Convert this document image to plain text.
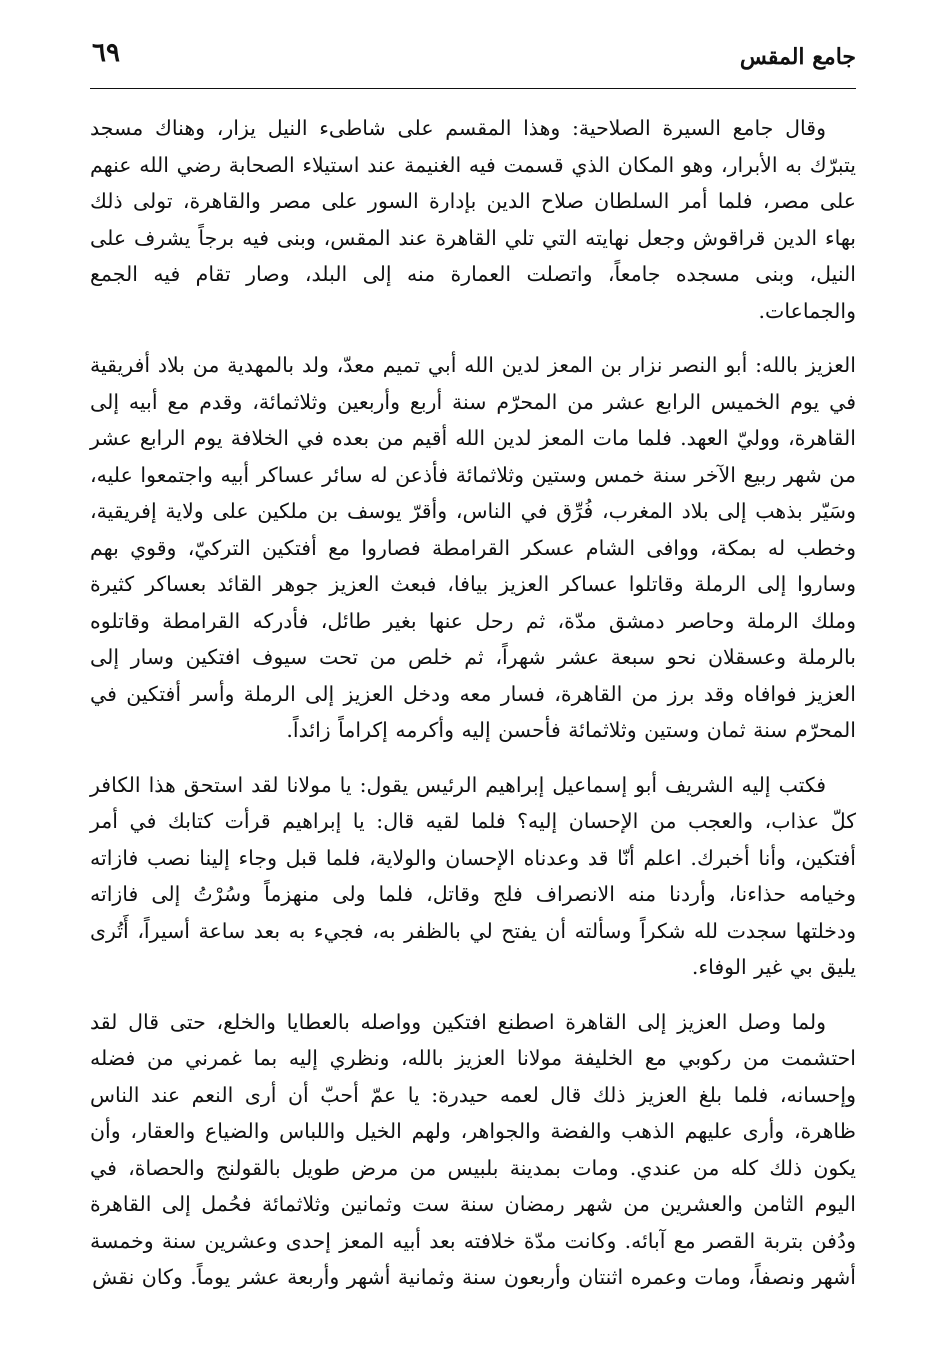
جامع المقس
٦٩

وقال جامع السيرة الصلاحية: وهذا المقسم على شاطىء النيل يزار، وهناك مسجد يتبرّك به الأبرار، وهو المكان الذي قسمت فيه الغنيمة عند استيلاء الصحابة رضي الله عنهم على مصر، فلما أمر السلطان صلاح الدين بإدارة السور على مصر والقاهرة، تولى ذلك بهاء الدين قراقوش وجعل نهايته التي تلي القاهرة عند المقس، وبنى فيه برجاً يشرف على النيل، وبنى مسجده جامعاً، واتصلت العمارة منه إلى البلد، وصار تقام فيه الجمع والجماعات.

العزيز بالله: أبو النصر نزار بن المعز لدين الله أبي تميم معدّ، ولد بالمهدية من بلاد أفريقية في يوم الخميس الرابع عشر من المحرّم سنة أربع وأربعين وثلاثمائة، وقدم مع أبيه إلى القاهرة، ووليّ العهد. فلما مات المعز لدين الله أقيم من بعده في الخلافة يوم الرابع عشر من شهر ربيع الآخر سنة خمس وستين وثلاثمائة فأذعن له سائر عساكر أبيه واجتمعوا عليه، وسَيّر بذهب إلى بلاد المغرب، فُرِّق في الناس، وأقرّ يوسف بن ملكين على ولاية إفريقية، وخطب له بمكة، ووافى الشام عسكر القرامطة فصاروا مع أفتكين التركيّ، وقوي بهم وساروا إلى الرملة وقاتلوا عساكر العزيز بيافا، فبعث العزيز جوهر القائد بعساكر كثيرة وملك الرملة وحاصر دمشق مدّة، ثم رحل عنها بغير طائل، فأدركه القرامطة وقاتلوه بالرملة وعسقلان نحو سبعة عشر شهراً، ثم خلص من تحت سيوف افتكين وسار إلى العزيز فوافاه وقد برز من القاهرة، فسار معه ودخل العزيز إلى الرملة وأسر أفتكين في المحرّم سنة ثمان وستين وثلاثمائة فأحسن إليه وأكرمه إكراماً زائداً.

فكتب إليه الشريف أبو إسماعيل إبراهيم الرئيس يقول: يا مولانا لقد استحق هذا الكافر كلّ عذاب، والعجب من الإحسان إليه؟ فلما لقيه قال: يا إبراهيم قرأت كتابك في أمر أفتكين، وأنا أخبرك. اعلم أنّا قد وعدناه الإحسان والولاية، فلما قبل وجاء إلينا نصب فازاته وخيامه حذاءنا، وأردنا منه الانصراف فلج وقاتل، فلما ولى منهزماً وسُرْتُ إلى فازاته ودخلتها سجدت لله شكراً وسألته أن يفتح لي بالظفر به، فجيء به بعد ساعة أسيراً، أَتُرى يليق بي غير الوفاء.

ولما وصل العزيز إلى القاهرة اصطنع افتكين وواصله بالعطايا والخلع، حتى قال لقد احتشمت من ركوبي مع الخليفة مولانا العزيز بالله، ونظري إليه بما غمرني من فضله وإحسانه، فلما بلغ العزيز ذلك قال لعمه حيدرة: يا عمّ أحبّ أن أرى النعم عند الناس ظاهرة، وأرى عليهم الذهب والفضة والجواهر، ولهم الخيل واللباس والضياع والعقار، وأن يكون ذلك كله من عندي. ومات بمدينة بلبيس من مرض طويل بالقولنج والحصاة، في اليوم الثامن والعشرين من شهر رمضان سنة ست وثمانين وثلاثمائة فحُمل إلى القاهرة ودُفن بتربة القصر مع آبائه. وكانت مدّة خلافته بعد أبيه المعز إحدى وعشرين سنة وخمسة أشهر ونصفاً، ومات وعمره اثنتان وأربعون سنة وثمانية أشهر وأربعة عشر يوماً. وكان نقش
